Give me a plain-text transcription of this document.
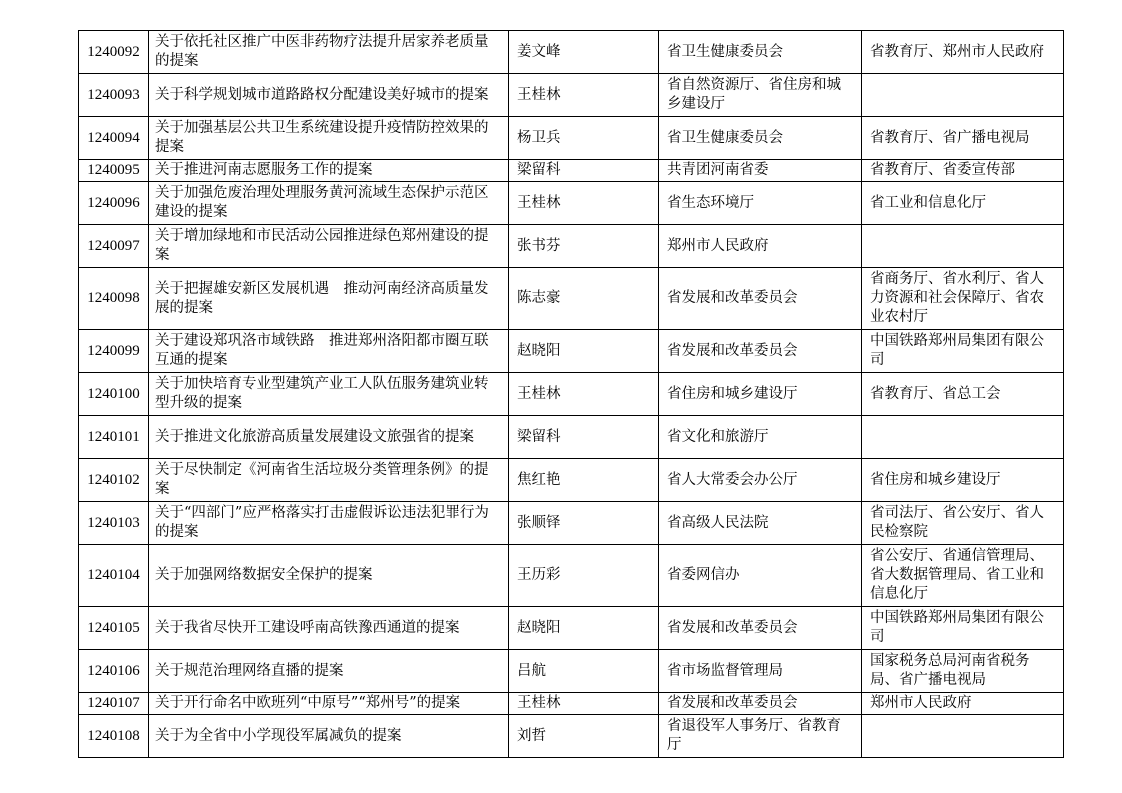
1240092	关于依托社区推广中医非药物疗法提升居家养老质量的提案	姜文峰	省卫生健康委员会	省教育厅、郑州市人民政府
1240093	关于科学规划城市道路路权分配建设美好城市的提案	王桂林	省自然资源厅、省住房和城乡建设厅	
1240094	关于加强基层公共卫生系统建设提升疫情防控效果的提案	杨卫兵	省卫生健康委员会	省教育厅、省广播电视局
1240095	关于推进河南志愿服务工作的提案	梁留科	共青团河南省委	省教育厅、省委宣传部
1240096	关于加强危废治理处理服务黄河流域生态保护示范区建设的提案	王桂林	省生态环境厅	省工业和信息化厅
1240097	关于增加绿地和市民活动公园推进绿色郑州建设的提案	张书芬	郑州市人民政府	
1240098	关于把握雄安新区发展机遇　推动河南经济高质量发展的提案	陈志豪	省发展和改革委员会	省商务厅、省水利厅、省人力资源和社会保障厅、省农业农村厅
1240099	关于建设郑巩洛市域铁路　推进郑州洛阳都市圈互联互通的提案	赵晓阳	省发展和改革委员会	中国铁路郑州局集团有限公司
1240100	关于加快培育专业型建筑产业工人队伍服务建筑业转型升级的提案	王桂林	省住房和城乡建设厅	省教育厅、省总工会
1240101	关于推进文化旅游高质量发展建设文旅强省的提案	梁留科	省文化和旅游厅	
1240102	关于尽快制定《河南省生活垃圾分类管理条例》的提案	焦红艳	省人大常委会办公厅	省住房和城乡建设厅
1240103	关于“四部门”应严格落实打击虚假诉讼违法犯罪行为的提案	张顺铎	省高级人民法院	省司法厅、省公安厅、省人民检察院
1240104	关于加强网络数据安全保护的提案	王历彩	省委网信办	省公安厅、省通信管理局、省大数据管理局、省工业和信息化厅
1240105	关于我省尽快开工建设呼南高铁豫西通道的提案	赵晓阳	省发展和改革委员会	中国铁路郑州局集团有限公司
1240106	关于规范治理网络直播的提案	吕航	省市场监督管理局	国家税务总局河南省税务局、省广播电视局
1240107	关于开行命名中欧班列“中原号”“郑州号”的提案	王桂林	省发展和改革委员会	郑州市人民政府
1240108	关于为全省中小学现役军属减负的提案	刘哲	省退役军人事务厅、省教育厅	
